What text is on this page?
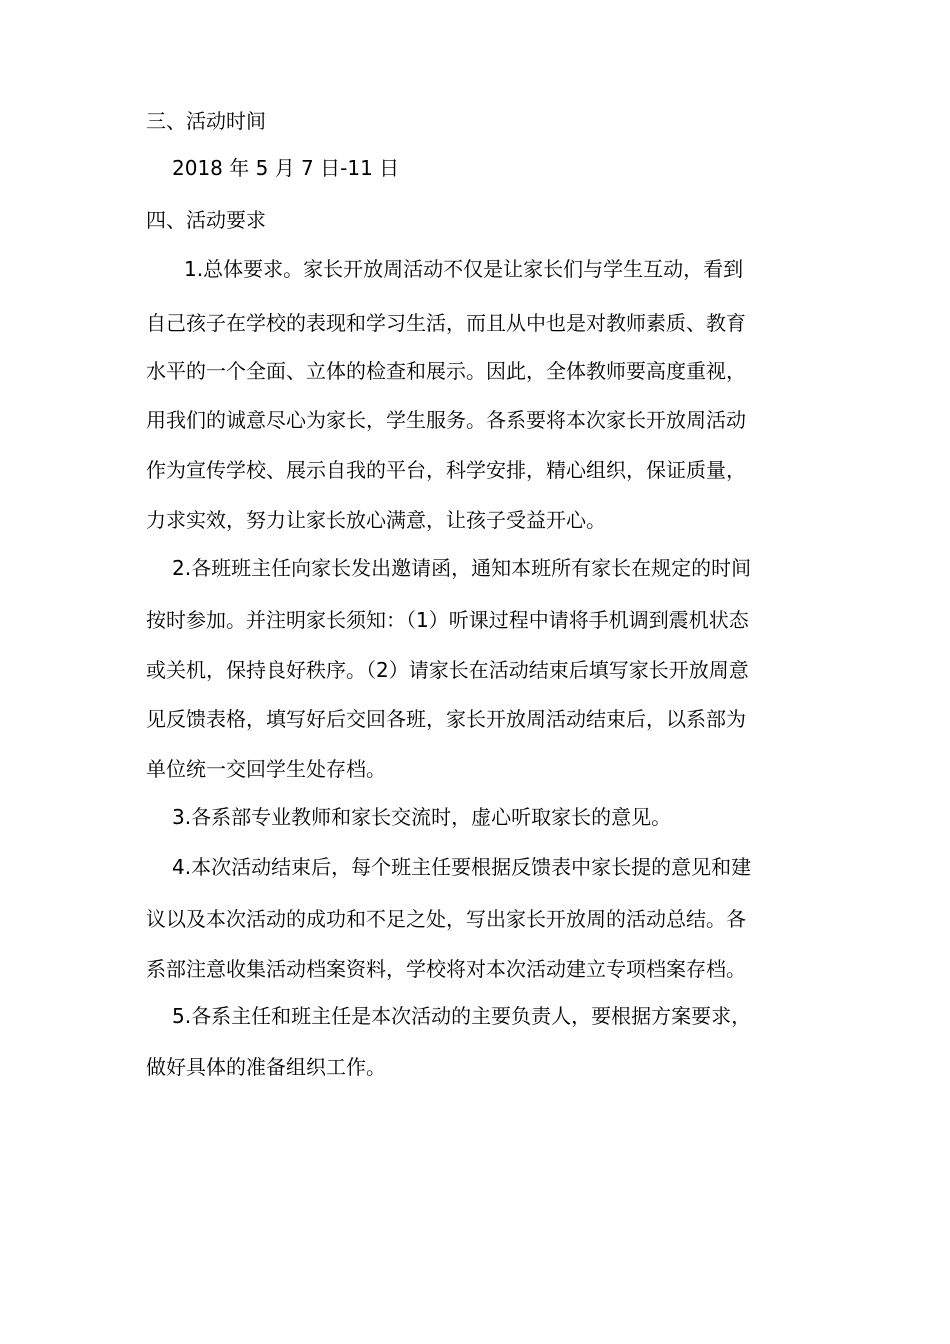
三、活动时间
2018 年 5 月 7 日-11 日
四、活动要求
1.总体要求。家长开放周活动不仅是让家长们与学生互动，看到
自己孩子在学校的表现和学习生活，而且从中也是对教师素质、教育
水平的一个全面、立体的检查和展示。因此，全体教师要高度重视，
用我们的诚意尽心为家长，学生服务。各系要将本次家长开放周活动
作为宣传学校、展示自我的平台，科学安排，精心组织，保证质量，
力求实效，努力让家长放心满意，让孩子受益开心。
2.各班班主任向家长发出邀请函，通知本班所有家长在规定的时间
按时参加。并注明家长须知：（1）听课过程中请将手机调到震机状态
或关机，保持良好秩序。（2）请家长在活动结束后填写家长开放周意
见反馈表格，填写好后交回各班，家长开放周活动结束后，以系部为
单位统一交回学生处存档。
3.各系部专业教师和家长交流时，虚心听取家长的意见。
4.本次活动结束后，每个班主任要根据反馈表中家长提的意见和建
议以及本次活动的成功和不足之处，写出家长开放周的活动总结。各
系部注意收集活动档案资料，学校将对本次活动建立专项档案存档。
5.各系主任和班主任是本次活动的主要负责人，要根据方案要求，
做好具体的准备组织工作。
